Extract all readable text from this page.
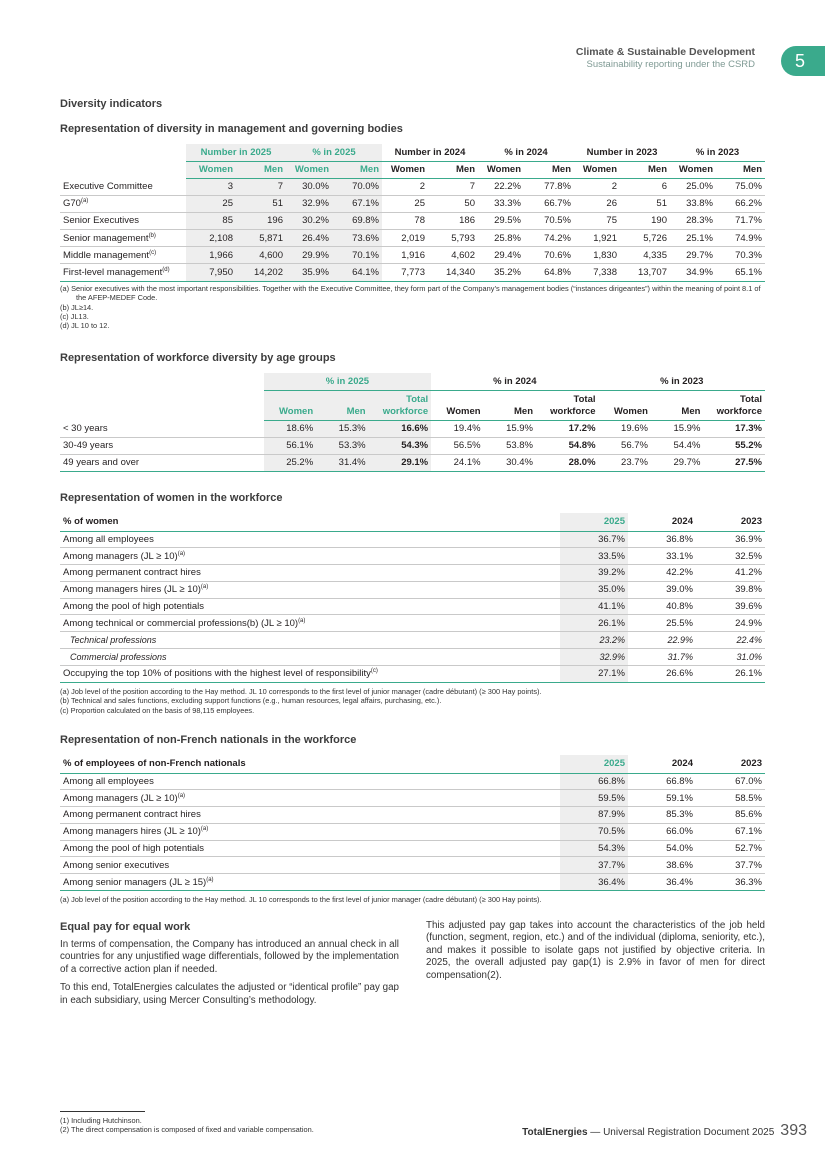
Climate & Sustainable Development
Sustainability reporting under the CSRD	5
Diversity indicators
Representation of diversity in management and governing bodies
	Number in 2025		% in 2025		Number in 2024		% in 2024		Number in 2023		% in 2023	
	Women	Men	Women	Men	Women	Men	Women	Men	Women	Men	Women	Men
Executive Committee	3	7	30.0%	70.0%	2	7	22.2%	77.8%	2	6	25.0%	75.0%
G70$^{(a)}$	25	51	32.9%	67.1%	25	50	33.3%	66.7%	26	51	33.8%	66.2%
Senior Executives	85	196	30.2%	69.8%	78	186	29.5%	70.5%	75	190	28.3%	71.7%
Senior management$^{(b)}$	2,108	5,871	26.4%	73.6%	2,019	5,793	25.8%	74.2%	1,921	5,726	25.1%	74.9%
Middle management$^{(c)}$	1,966	4,600	29.9%	70.1%	1,916	4,602	29.4%	70.6%	1,830	4,335	29.7%	70.3%
First-level management$^{(d)}$	7,950	14,202	35.9%	64.1%	7,773	14,340	35.2%	64.8%	7,338	13,707	34.9%	65.1%
(a) Senior executives with the most important responsibilities. Together with the Executive Committee, they form part of the Company’s management bodies (“instances dirigeantes”) within the meaning of point 8.1 of the AFEP-MEDEF Code.
(b) JL≥14.
(c) JL13.
(d) JL 10 to 12.
Representation of workforce diversity by age groups
	% in 2025			% in 2024			% in 2023		
	Women	Men	Total workforce	Women	Men	Total workforce	Women	Men	Total workforce
< 30 years	18.6%	15.3%	16.6%	19.4%	15.9%	17.2%	19.6%	15.9%	17.3%
30-49 years	56.1%	53.3%	54.3%	56.5%	53.8%	54.8%	56.7%	54.4%	55.2%
49 years and over	25.2%	31.4%	29.1%	24.1%	30.4%	28.0%	23.7%	29.7%	27.5%
Representation of women in the workforce
% of women	2025	2024	2023
Among all employees	36.7%	36.8%	36.9%
Among managers (JL ≥ 10)$^{(a)}$	33.5%	33.1%	32.5%
Among permanent contract hires	39.2%	42.2%	41.2%
Among managers hires (JL ≥ 10)$^{(a)}$	35.0%	39.0%	39.8%
Among the pool of high potentials	41.1%	40.8%	39.6%
Among technical or commercial professions(b) (JL ≥ 10)$^{(a)}$	26.1%	25.5%	24.9%
Technical professions	23.2%	22.9%	22.4%
Commercial professions	32.9%	31.7%	31.0%
Occupying the top 10% of positions with the highest level of responsibility$^{(c)}$	27.1%	26.6%	26.1%
(a) Job level of the position according to the Hay method. JL 10 corresponds to the first level of junior manager (cadre débutant) (≥ 300 Hay points).
(b) Technical and sales functions, excluding support functions (e.g., human resources, legal affairs, purchasing, etc.).
(c) Proportion calculated on the basis of 98,115 employees.
Representation of non-French nationals in the workforce
% of employees of non-French nationals	2025	2024	2023
Among all employees	66.8%	66.8%	67.0%
Among managers (JL ≥ 10)$^{(a)}$	59.5%	59.1%	58.5%
Among permanent contract hires	87.9%	85.3%	85.6%
Among managers hires (JL ≥ 10)$^{(a)}$	70.5%	66.0%	67.1%
Among the pool of high potentials	54.3%	54.0%	52.7%
Among senior executives	37.7%	38.6%	37.7%
Among senior managers (JL ≥ 15)$^{(a)}$	36.4%	36.4%	36.3%
(a) Job level of the position according to the Hay method. JL 10 corresponds to the first level of junior manager (cadre débutant) (≥ 300 Hay points).
Equal pay for equal work

In terms of compensation, the Company has introduced an annual check in all countries for any unjustified wage differentials, followed by the implementation of a corrective action plan if needed.

To this end, TotalEnergies calculates the adjusted or “identical profile” pay gap in each subsidiary, using Mercer Consulting’s methodology.

This adjusted pay gap takes into account the characteristics of the job held (function, segment, region, etc.) and of the individual (diploma, seniority, etc.), and makes it possible to isolate gaps not justified by objective criteria. In 2025, the overall adjusted pay gap(1) is 2.9% in favor of men for direct compensation(2).

(1) Including Hutchinson.
(2) The direct compensation is composed of fixed and variable compensation.	TotalEnergies — Universal Registration Document 2025 393
